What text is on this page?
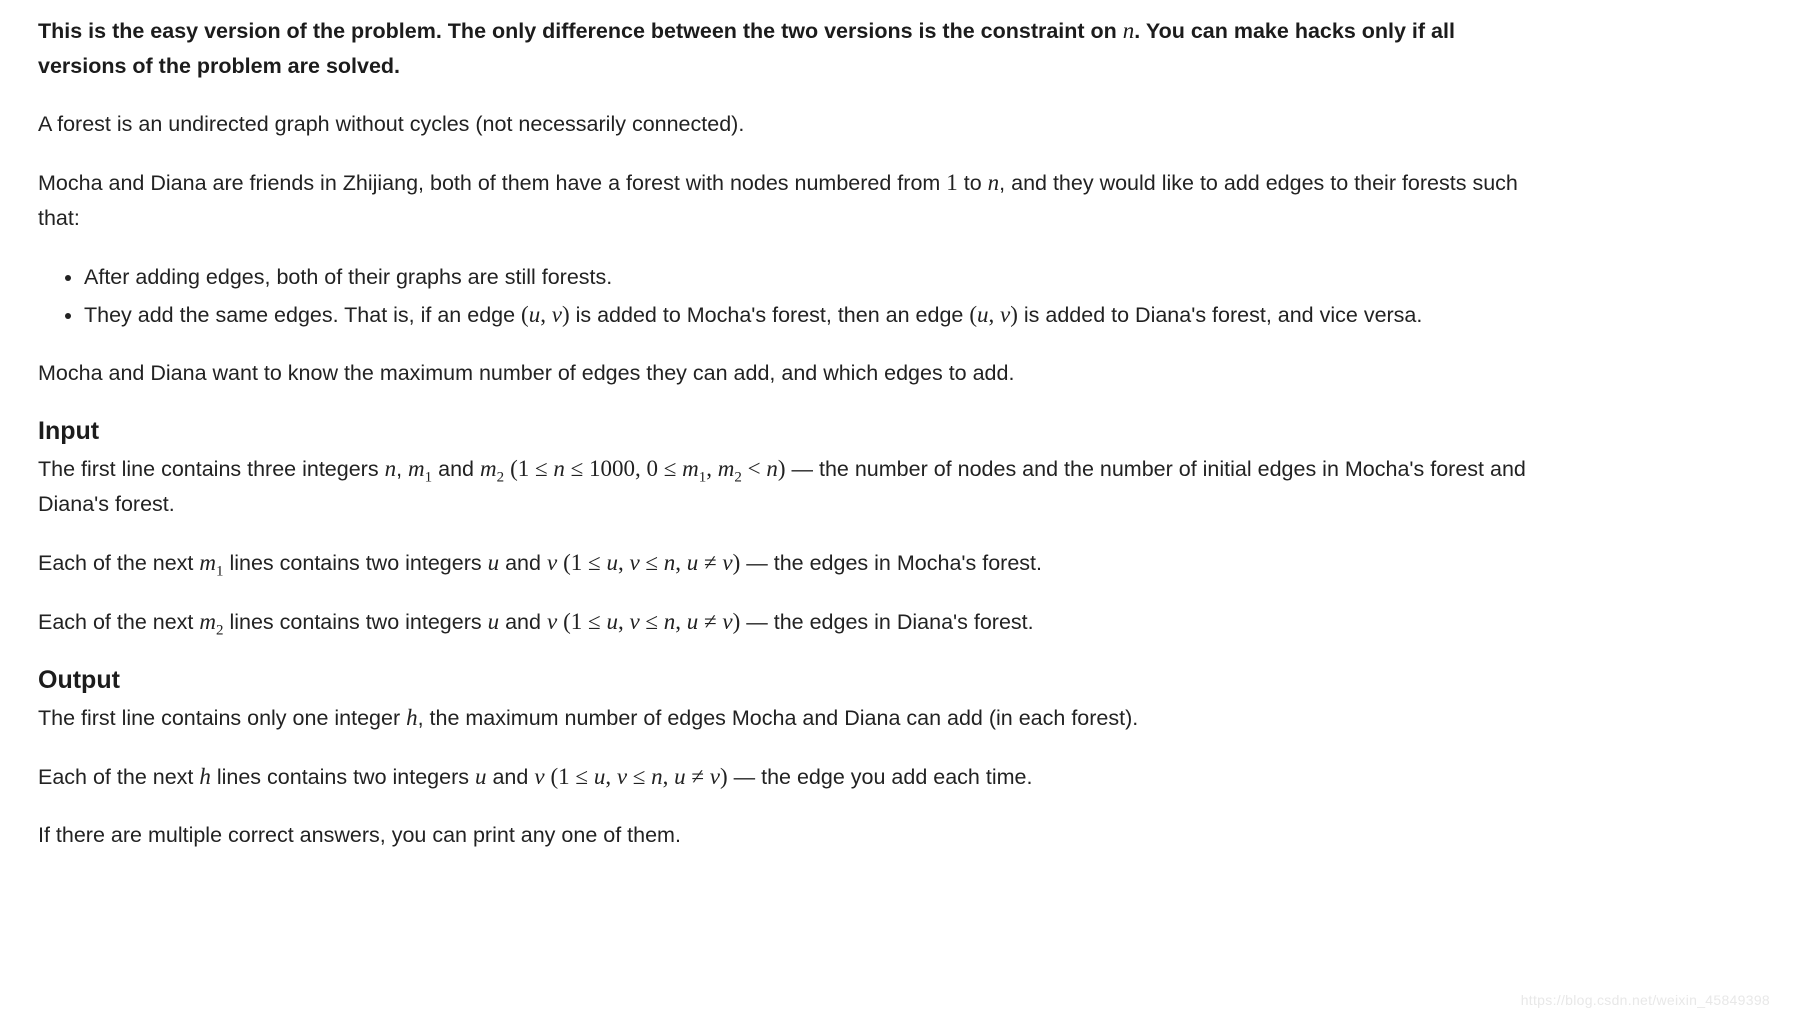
This is the easy version of the problem. The only difference between the two versions is the constraint on n. You can make hacks only if all versions of the problem are solved.

A forest is an undirected graph without cycles (not necessarily connected).

Mocha and Diana are friends in Zhijiang, both of them have a forest with nodes numbered from 1 to n, and they would like to add edges to their forests such that:

• After adding edges, both of their graphs are still forests.
• They add the same edges. That is, if an edge (u, v) is added to Mocha's forest, then an edge (u, v) is added to Diana's forest, and vice versa.

Mocha and Diana want to know the maximum number of edges they can add, and which edges to add.

Input

The first line contains three integers n, $m_1$ and $m_2$ (1 ≤ n ≤ 1000, $0 \le m_1$, $m_2 < n$) — the number of nodes and the number of initial edges in Mocha's forest and Diana's forest.

Each of the next $m_1$ lines contains two integers u and v (1 ≤ u, v ≤ n, u ≠ v) — the edges in Mocha's forest.

Each of the next $m_2$ lines contains two integers u and v (1 ≤ u, v ≤ n, u ≠ v) — the edges in Diana's forest.

Output

The first line contains only one integer h, the maximum number of edges Mocha and Diana can add (in each forest).

Each of the next h lines contains two integers u and v (1 ≤ u, v ≤ n, u ≠ v) — the edge you add each time.

If there are multiple correct answers, you can print any one of them.

https://blog.csdn.net/weixin_45849398
